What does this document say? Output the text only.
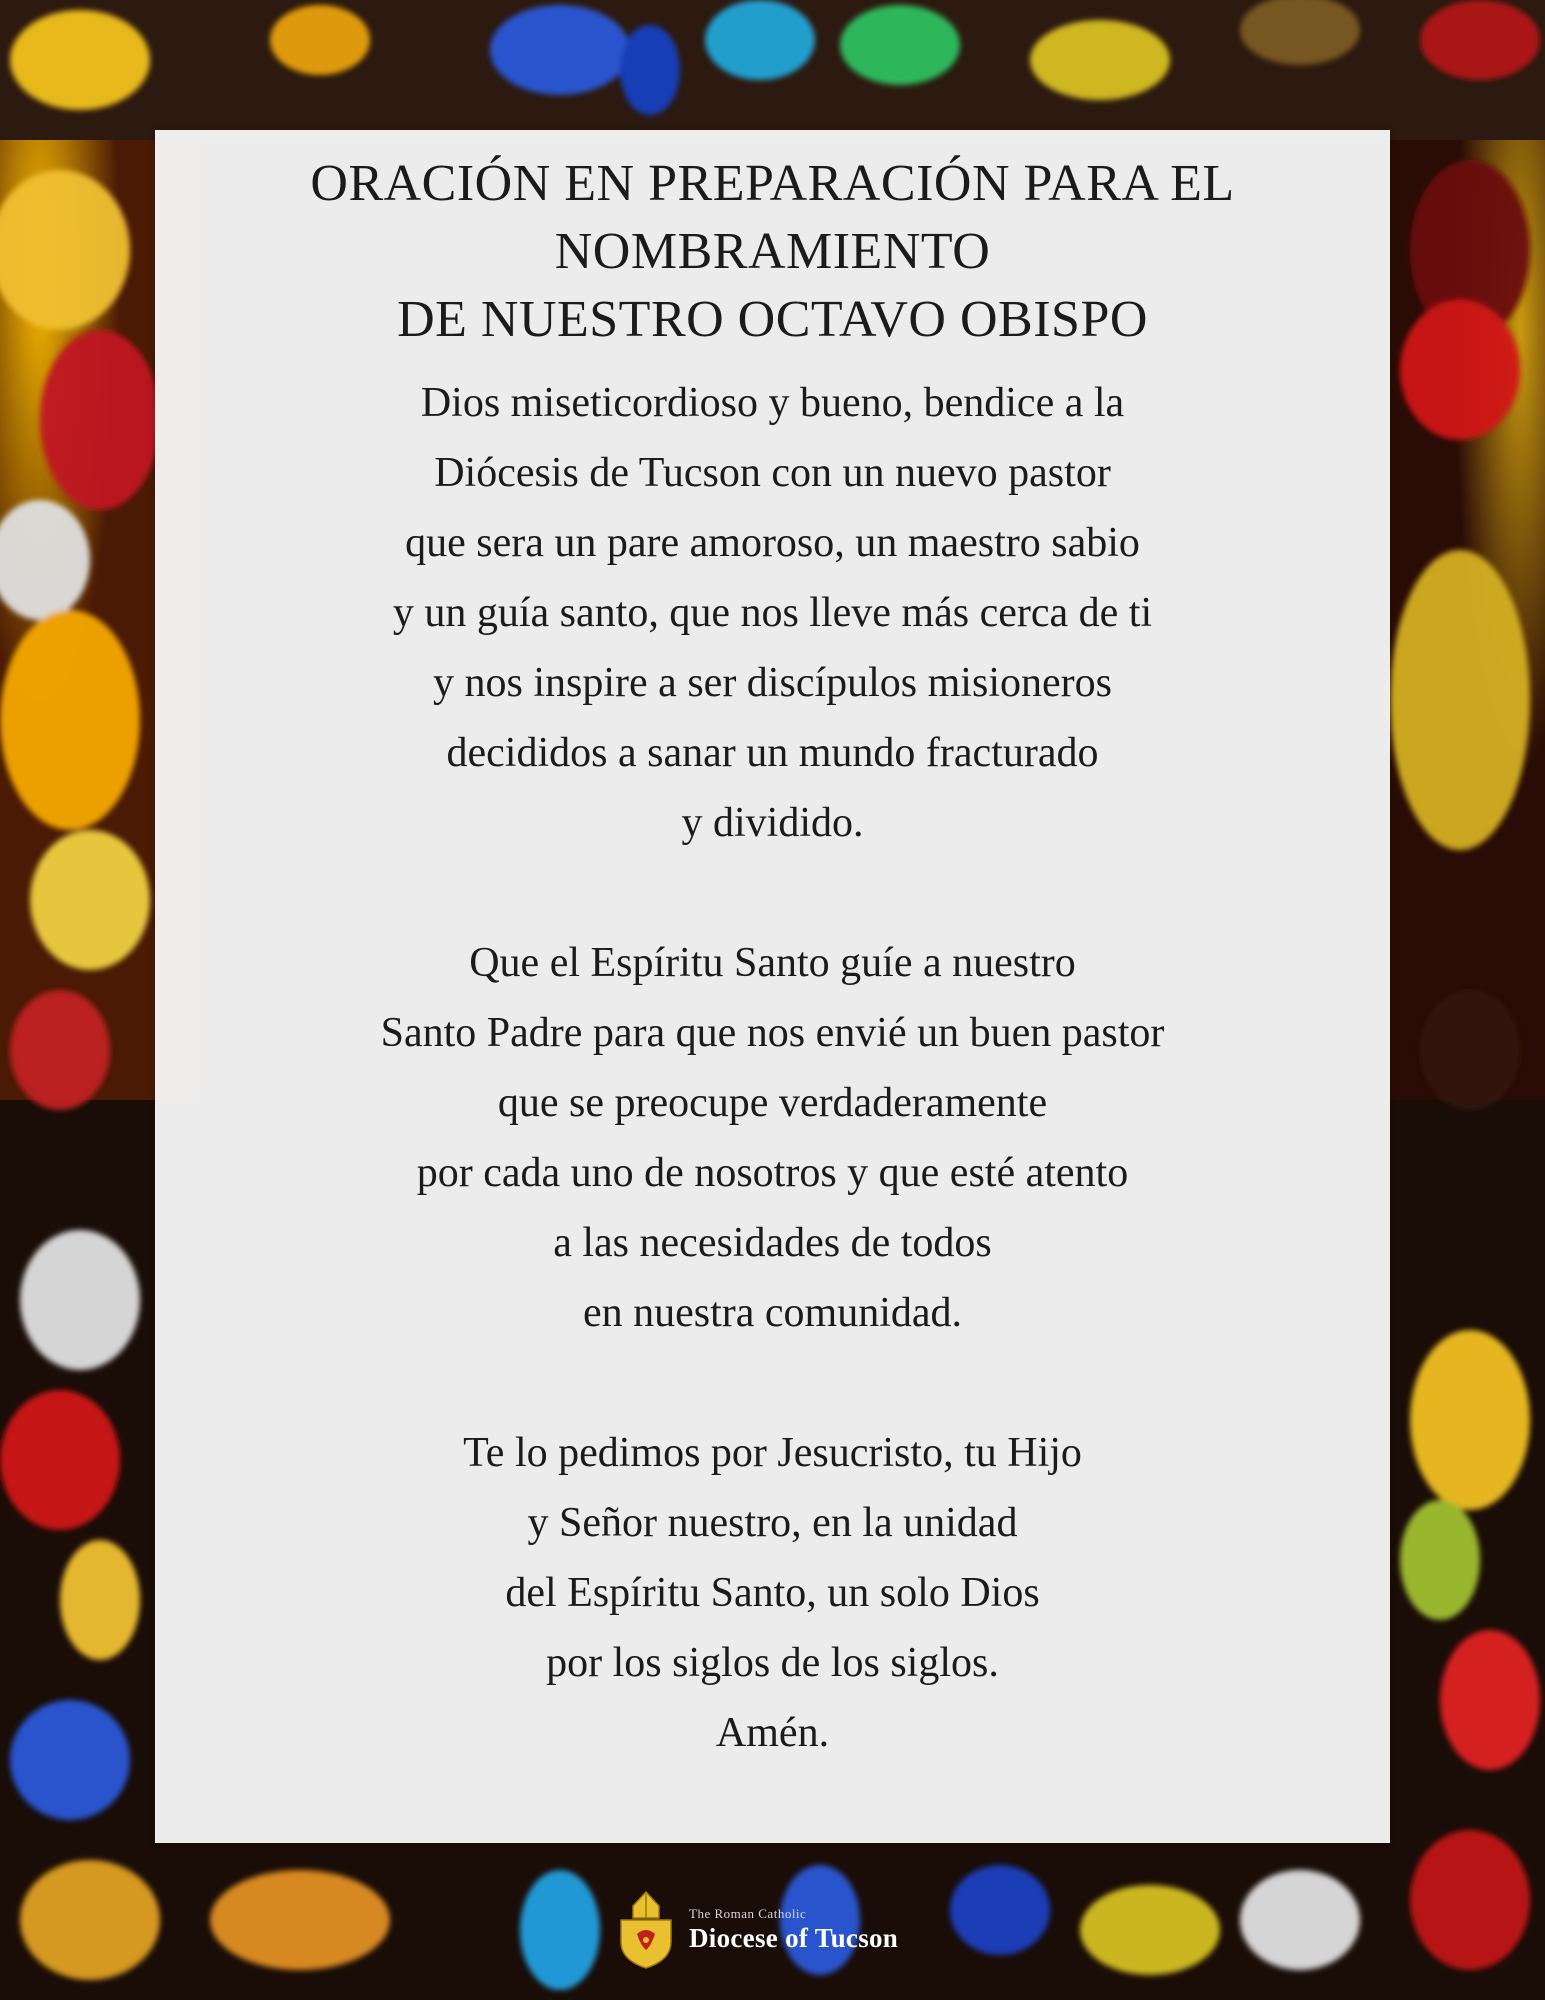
ORACIÓN EN PREPARACIÓN PARA EL
NOMBRAMIENTO
DE NUESTRO OCTAVO OBISPO
Dios miseticordioso y bueno, bendice a la
Diócesis de Tucson con un nuevo pastor
que sera un pare amoroso, un maestro sabio
y un guía santo, que nos lleve más cerca de ti
y nos inspire a ser discípulos misioneros
decididos a sanar un mundo fracturado
y dividido.
Que el Espíritu Santo guíe a nuestro
Santo Padre para que nos envié un buen pastor
que se preocupe verdaderamente
por cada uno de nosotros y que esté atento
a las necesidades de todos
en nuestra comunidad.
Te lo pedimos por Jesucristo, tu Hijo
y Señor nuestro, en la unidad
del Espíritu Santo, un solo Dios
por los siglos de los siglos.
Amén.
The Roman Catholic
Diocese of Tucson
